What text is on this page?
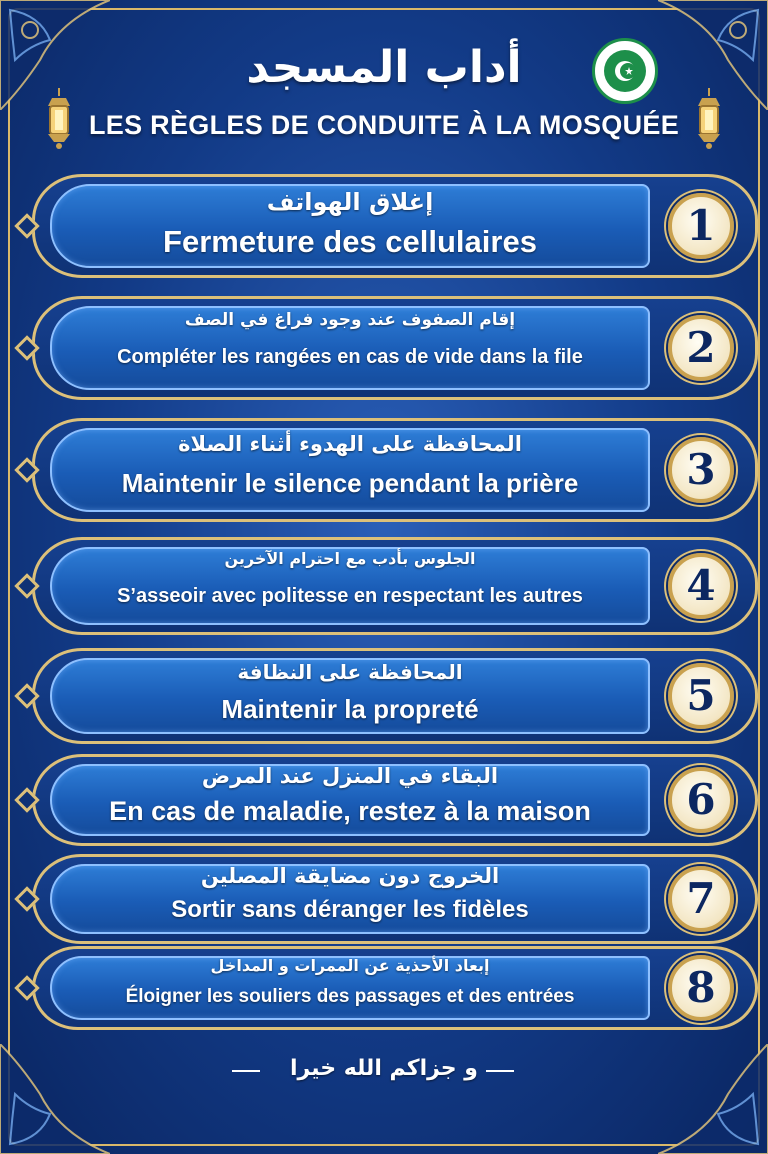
أداب المسجد
LES RÈGLES DE CONDUITE À LA MOSQUÉE
إغلاق الهواتف
Fermeture des cellulaires	1
إقام الصفوف عند وجود فراغ في الصف
Compléter les rangées en cas de vide dans la file	2
المحافظة على الهدوء أثناء الصلاة
Maintenir le silence pendant la prière	3
الجلوس بأدب مع احترام الآخرين
S’asseoir avec politesse en respectant les autres	4
المحافظة على النظافة
Maintenir la propreté	5
البقاء في المنزل عند المرض
En cas de maladie, restez à la maison	6
الخروج دون مضايقة المصلين
Sortir sans déranger les fidèles	7
إبعاد الأحذية عن الممرات و المداخل
Éloigner les souliers des passages et des entrées	8
و جزاكم الله خيرا
